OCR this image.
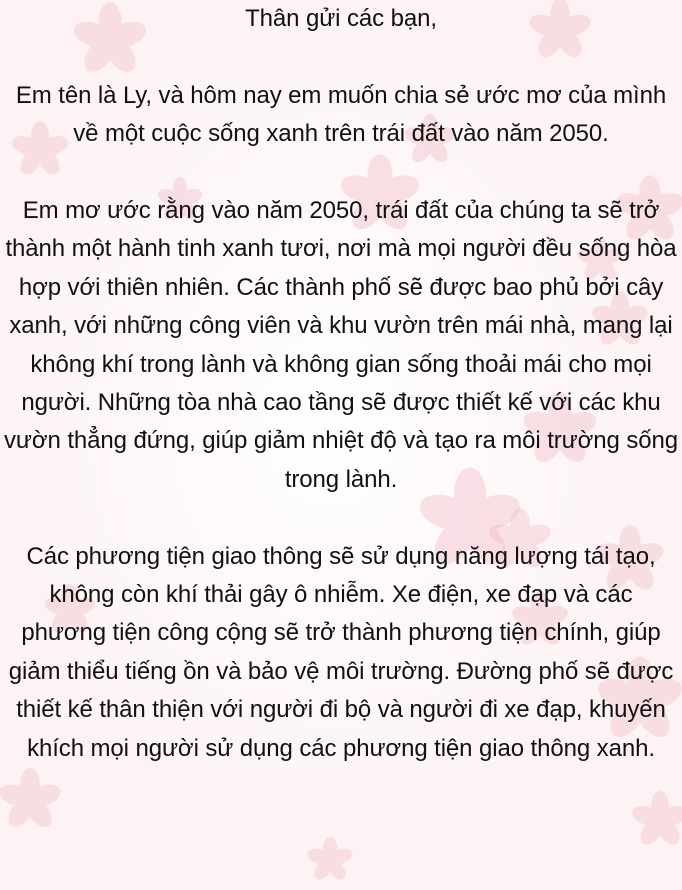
Thân gửi các bạn,

Em tên là Ly, và hôm nay em muốn chia sẻ ước mơ của mình về một cuộc sống xanh trên trái đất vào năm 2050.

Em mơ ước rằng vào năm 2050, trái đất của chúng ta sẽ trở thành một hành tinh xanh tươi, nơi mà mọi người đều sống hòa hợp với thiên nhiên. Các thành phố sẽ được bao phủ bởi cây xanh, với những công viên và khu vườn trên mái nhà, mang lại không khí trong lành và không gian sống thoải mái cho mọi người. Những tòa nhà cao tầng sẽ được thiết kế với các khu vườn thẳng đứng, giúp giảm nhiệt độ và tạo ra môi trường sống trong lành.

Các phương tiện giao thông sẽ sử dụng năng lượng tái tạo, không còn khí thải gây ô nhiễm. Xe điện, xe đạp và các phương tiện công cộng sẽ trở thành phương tiện chính, giúp giảm thiểu tiếng ồn và bảo vệ môi trường. Đường phố sẽ được thiết kế thân thiện với người đi bộ và người đi xe đạp, khuyến khích mọi người sử dụng các phương tiện giao thông xanh.
